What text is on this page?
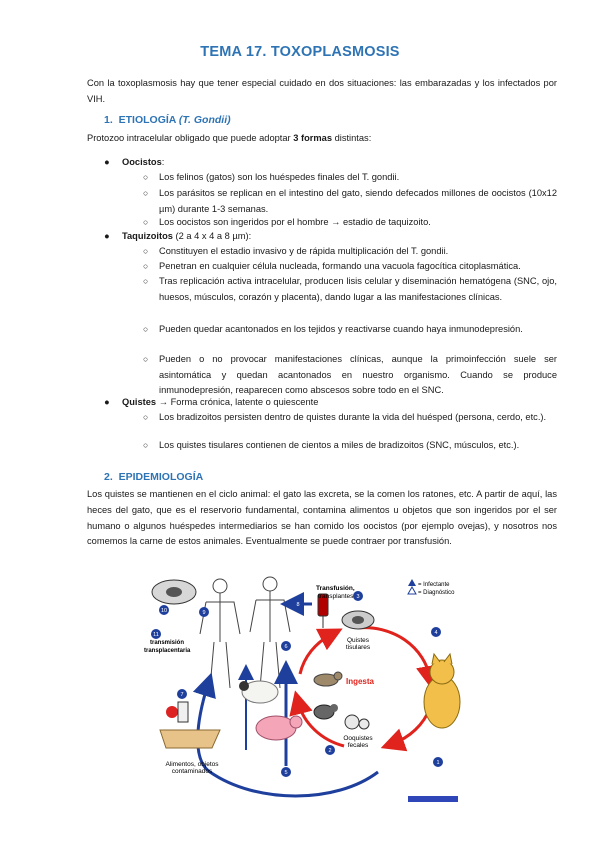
TEMA 17. TOXOPLASMOSIS
Con la toxoplasmosis hay que tener especial cuidado en dos situaciones: las embarazadas y los infectados por VIH.
1. ETIOLOGÍA (T. Gondii)
Protozoo intracelular obligado que puede adoptar 3 formas distintas:
● Oocistos:
○ Los felinos (gatos) son los huéspedes finales del T. gondii.
○ Los parásitos se replican en el intestino del gato, siendo defecados millones de oocistos (10x12 µm) durante 1-3 semanas.
○ Los oocistos son ingeridos por el hombre → estadio de taquizoito.
● Taquizoitos (2 a 4 x 4 a 8 µm):
○ Constituyen el estadio invasivo y de rápida multiplicación del T. gondii.
○ Penetran en cualquier célula nucleada, formando una vacuola fagocítica citoplasmática.
○ Tras replicación activa intracelular, producen lisis celular y diseminación hematógena (SNC, ojo, huesos, músculos, corazón y placenta), dando lugar a las manifestaciones clínicas.
○ Pueden quedar acantonados en los tejidos y reactivarse cuando haya inmunodepresión.
○ Pueden o no provocar manifestaciones clínicas, aunque la primoinfección suele ser asintomática y quedan acantonados en nuestro organismo. Cuando se produce inmunodepresión, reaparecen como abscesos sobre todo en el SNC.
● Quistes → Forma crónica, latente o quiescente
○ Los bradizoitos persisten dentro de quistes durante la vida del huésped (persona, cerdo, etc.).
○ Los quistes tisulares contienen de cientos a miles de bradizoitos (SNC, músculos, etc.).
2. EPIDEMIOLOGÍA
Los quistes se mantienen en el ciclo animal: el gato las excreta, se la comen los ratones, etc. A partir de aquí, las heces del gato, que es el reservorio fundamental, contamina alimentos u objetos que son ingeridos por el ser humano o algunos huéspedes intermediarios se han comido los oocistos (por ejemplo ovejas), y nosotros nos comemos la carne de estos animales. Eventualmente se puede contraer por transfusión.
Quistes
tisulares
Ingesta
Ooquistes
fecales
Alimentos, objetos
contaminados
Transfusión,
transplantes
= Infectante
= Diagnóstico
transmisión
transplacentaria
1
2
3
4
5
6
7
8
9
10
11
